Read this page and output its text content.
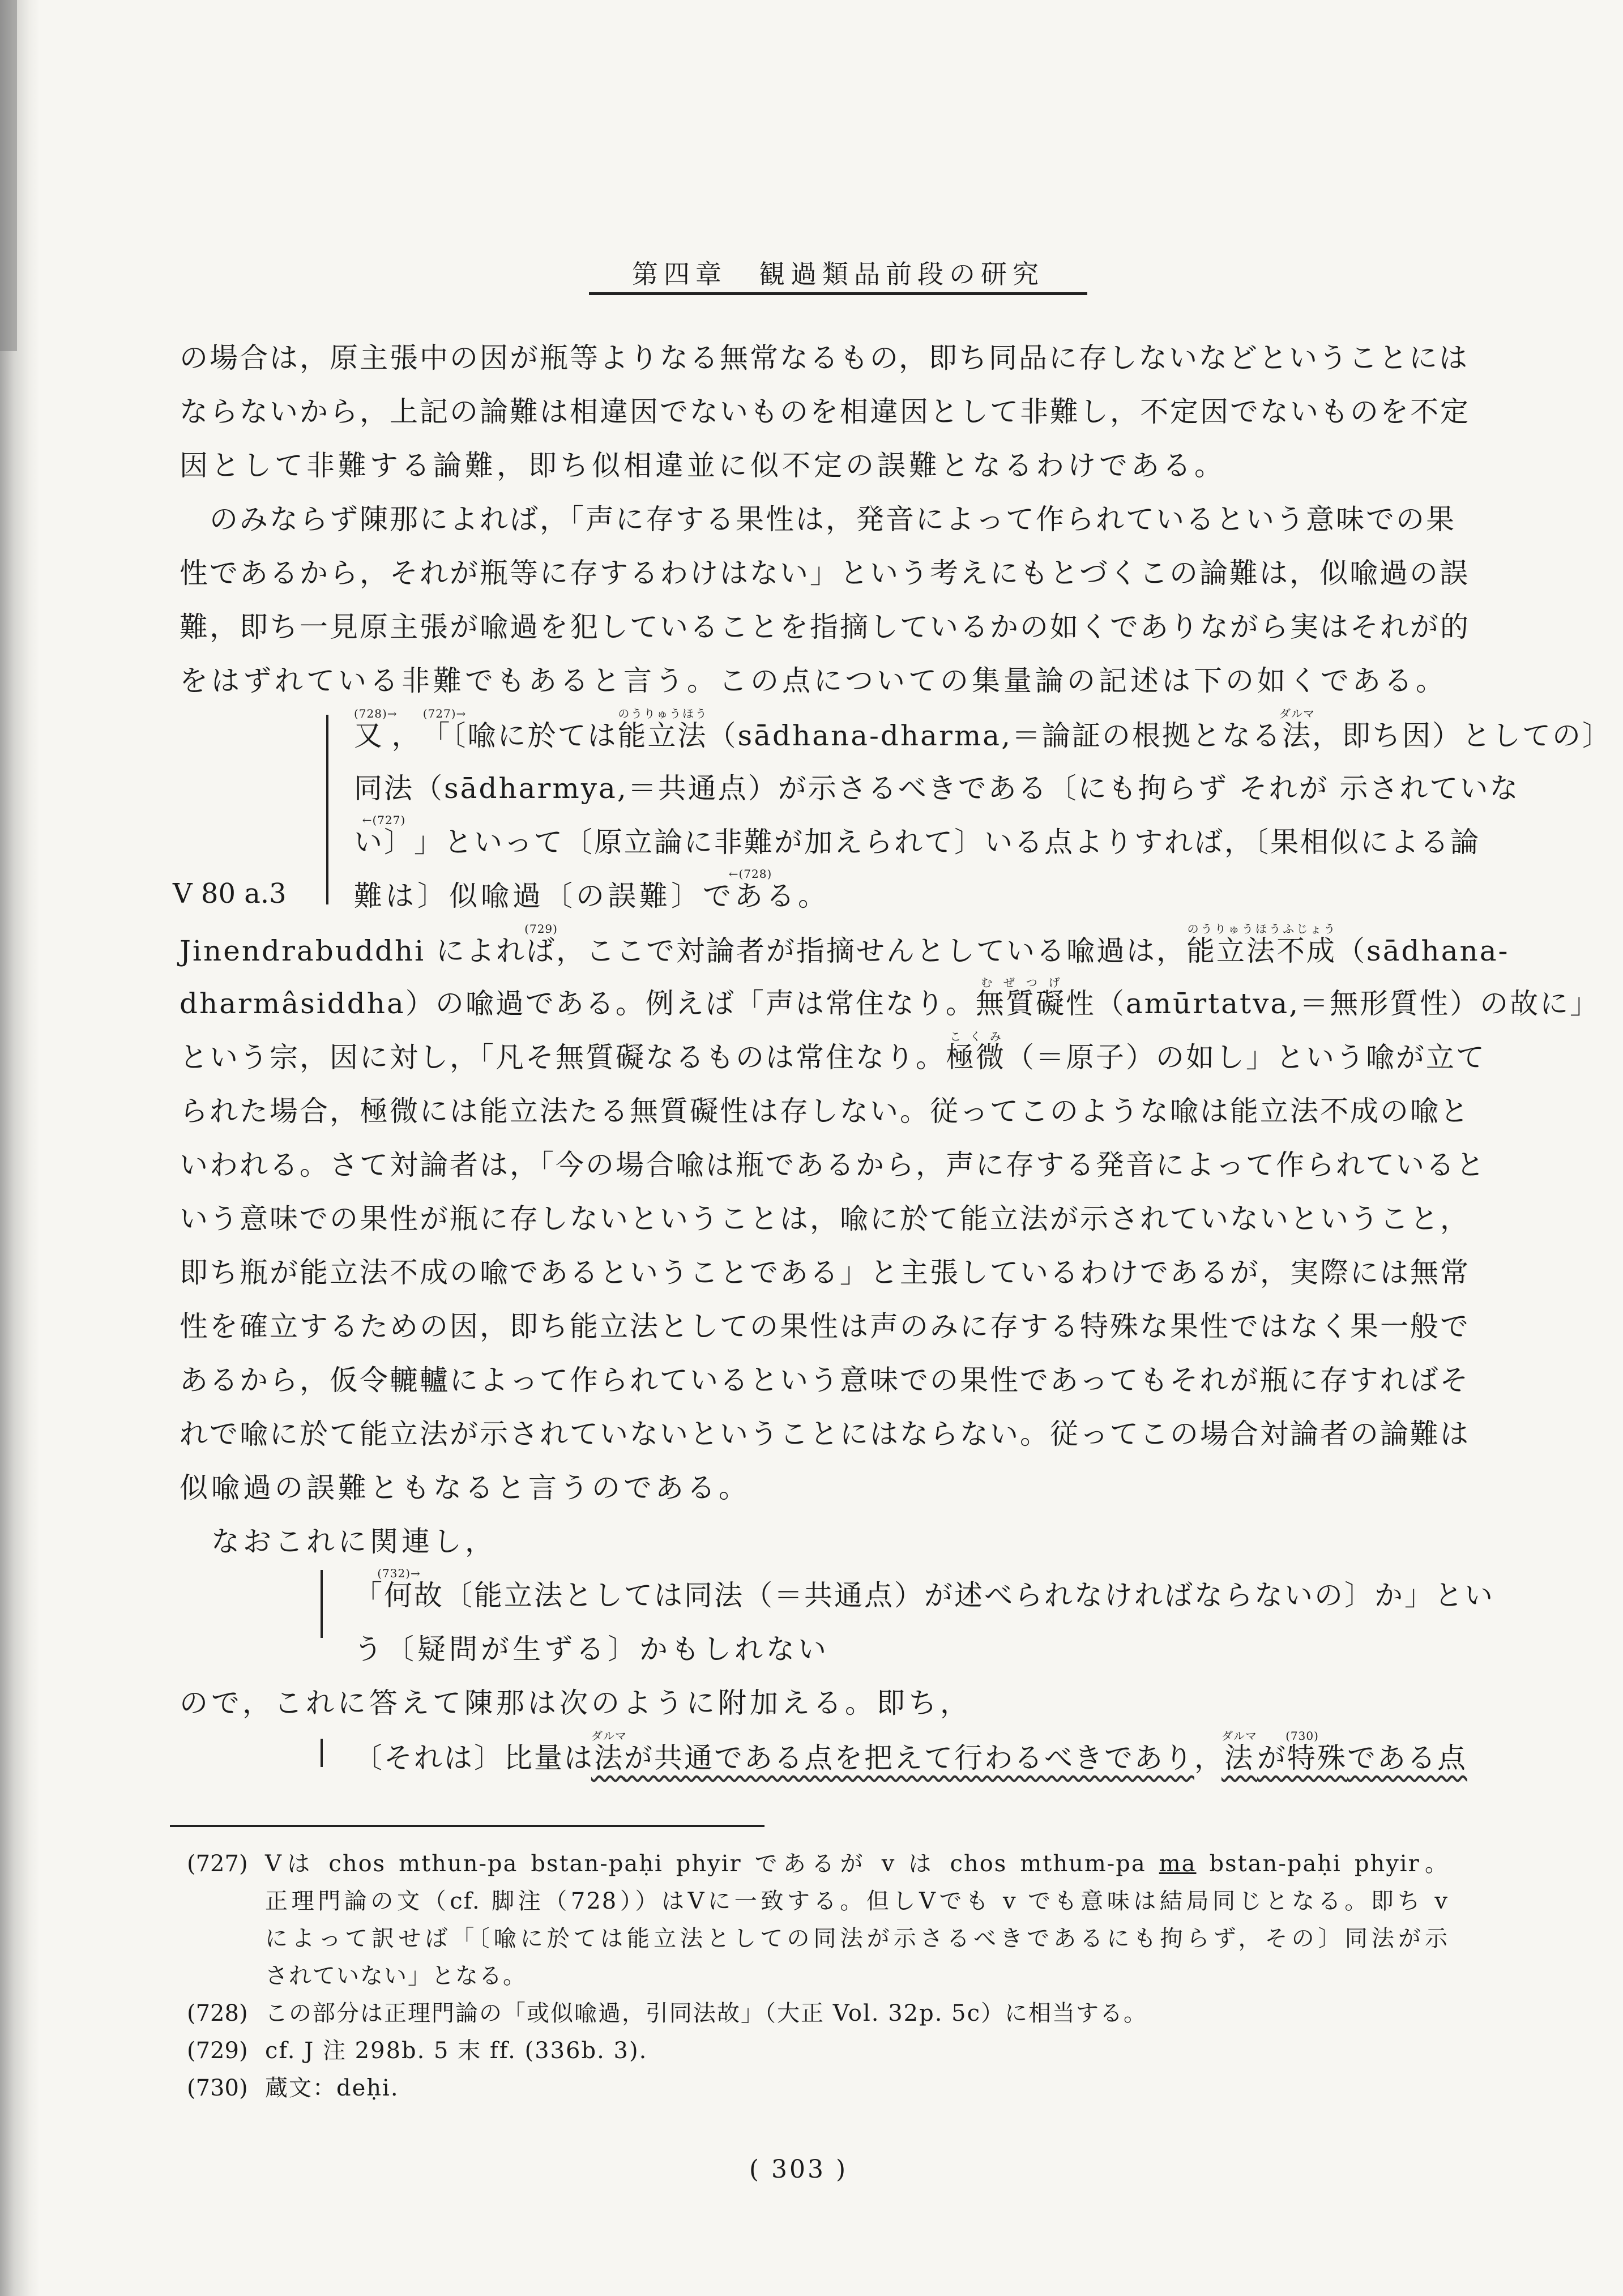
第四章　観過類品前段の研究
の場合は，原主張中の因が瓶等よりなる無常なるもの，即ち同品に存しないなどということには
ならないから，上記の論難は相違因でないものを相違因として非難し，不定因でないものを不定
因として非難する論難，即ち似相違並に似不定の誤難となるわけである。
　のみならず陳那によれば，「声に存する果性は，発音によって作られているという意味での果
性であるから，それが瓶等に存するわけはない」という考えにもとづくこの論難は，似喩過の誤
難，即ち一見原主張が喩過を犯していることを指摘しているかの如くでありながら実はそれが的
をはずれている非難でもあると言う。この点についての集量論の記述は下の如くである。
又(728)→，「〔(727)→喩に於ては能立法のうりゅうほう（sādhana-dharma,＝論証の根拠となる法ダルマ，即ち因）としての〕
同法（sādharmya,＝共通点）が示さるべきである〔にも拘らず それが 示されていな
い〕←(727)」といって〔原立論に非難が加えられて〕いる点よりすれば，〔果相似による論
難は〕似喩過〔の誤難〕である←(728)。
Jinendrabuddhi によれば(729)，ここで対論者が指摘せんとしている喩過は，能立法不成のうりゅうほうふじょう（sādhana-
dharmâsiddha）の喩過である。例えば「声は常住なり。無質礙むぜつげ性（amūrtatva,＝無形質性）の故に」
という宗，因に対し，「凡そ無質礙なるものは常住なり。極微こくみ（＝原子）の如し」という喩が立て
られた場合，極微には能立法たる無質礙性は存しない。従ってこのような喩は能立法不成の喩と
いわれる。さて対論者は，「今の場合喩は瓶であるから，声に存する発音によって作られていると
いう意味での果性が瓶に存しないということは，喩に於て能立法が示されていないということ，
即ち瓶が能立法不成の喩であるということである」と主張しているわけであるが，実際には無常
性を確立するための因，即ち能立法としての果性は声のみに存する特殊な果性ではなく果一般で
あるから，仮令轆轤によって作られているという意味での果性であってもそれが瓶に存すればそ
れで喩に於て能立法が示されていないということにはならない。従ってこの場合対論者の論難は
似喩過の誤難ともなると言うのである。
　なおこれに関連し，
「何故(732)→〔能立法としては同法（＝共通点）が述べられなければならないの〕か」とい
う〔疑問が生ずる〕かもしれない
ので，これに答えて陳那は次のように附加える。即ち，
〔それは〕比量は法ダルマが共通である点を把えて行わるべきであり，法ダルマが特殊(730)である点
V 80 a.3
(727) Vは chos mthun-pa bstan-paḥi phyir であるが v は chos mthum-pa ma bstan-paḥi phyir。
正理門論の文（cf. 脚注（728））はVに一致する。但しVでも v でも意味は結局同じとなる。即ち v
によって訳せば「〔喩に於ては能立法としての同法が示さるべきであるにも拘らず，その〕同法が示
されていない」となる。
(728) この部分は正理門論の「或似喩過，引同法故」（大正 Vol. 32p. 5c）に相当する。
(729) cf. J 注 298b. 5 末 ff. (336b. 3).
(730) 蔵文：deḥi.
( 303 )
